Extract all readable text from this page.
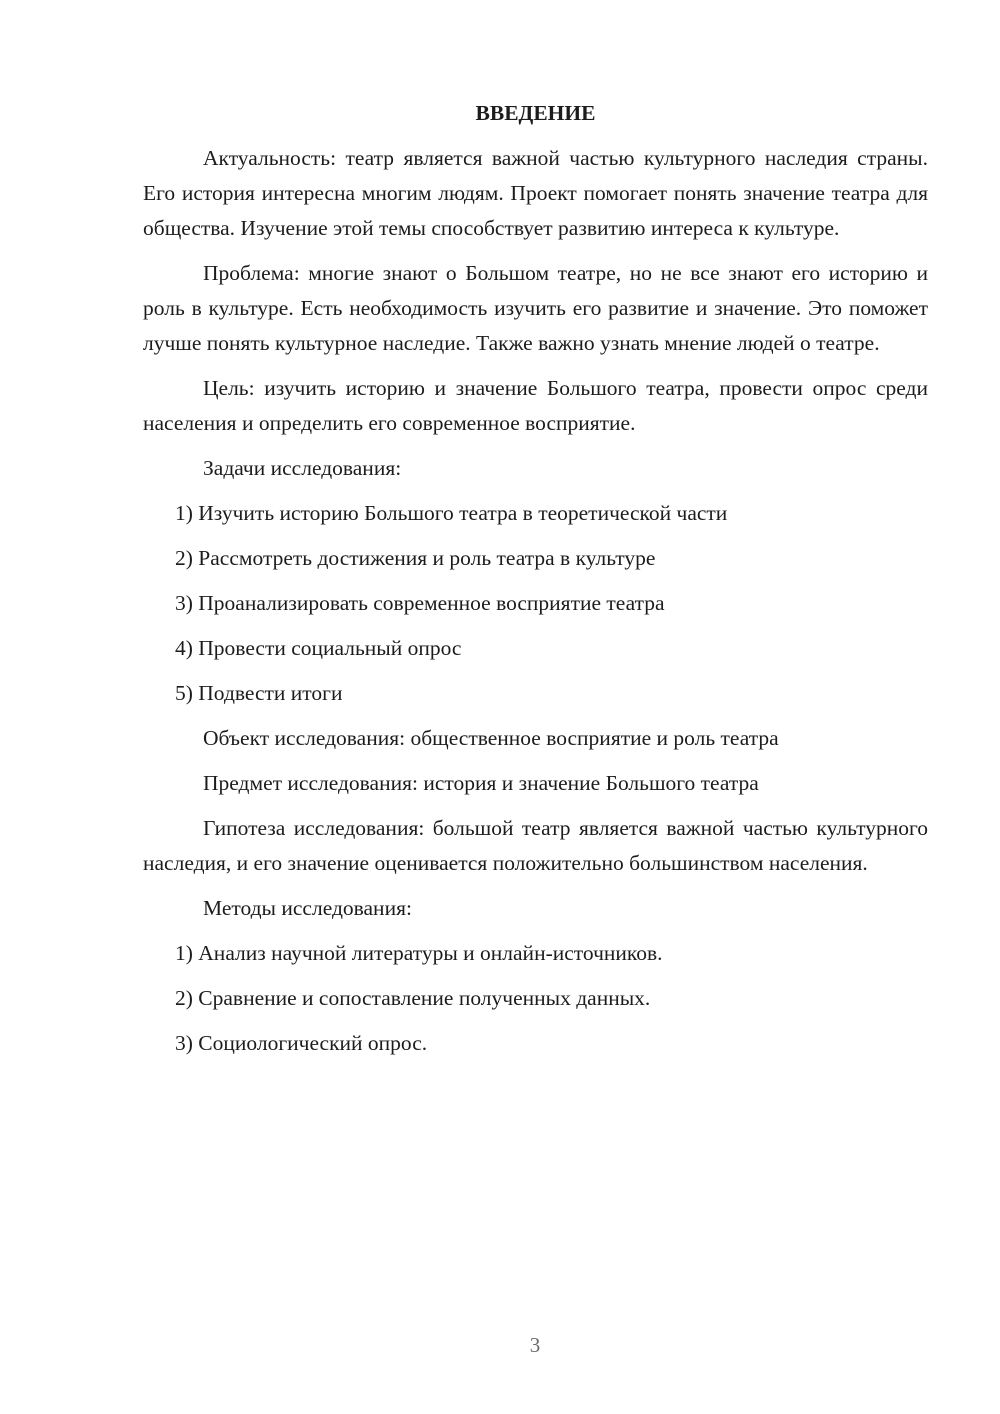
ВВЕДЕНИЕ
Актуальность: театр является важной частью культурного наследия страны. Его история интересна многим людям. Проект помогает понять значение театра для общества. Изучение этой темы способствует развитию интереса к культуре.
Проблема: многие знают о Большом театре, но не все знают его историю и роль в культуре. Есть необходимость изучить его развитие и значение. Это поможет лучше понять культурное наследие. Также важно узнать мнение людей о театре.
Цель: изучить историю и значение Большого театра, провести опрос среди населения и определить его современное восприятие.
Задачи исследования:
1) Изучить историю Большого театра в теоретической части
2) Рассмотреть достижения и роль театра в культуре
3) Проанализировать современное восприятие театра
4) Провести социальный опрос
5) Подвести итоги
Объект исследования: общественное восприятие и роль театра
Предмет исследования: история и значение Большого театра
Гипотеза исследования: большой театр является важной частью культурного наследия, и его значение оценивается положительно большинством населения.
Методы исследования:
1) Анализ научной литературы и онлайн-источников.
2) Сравнение и сопоставление полученных данных.
3) Социологический опрос.
3
